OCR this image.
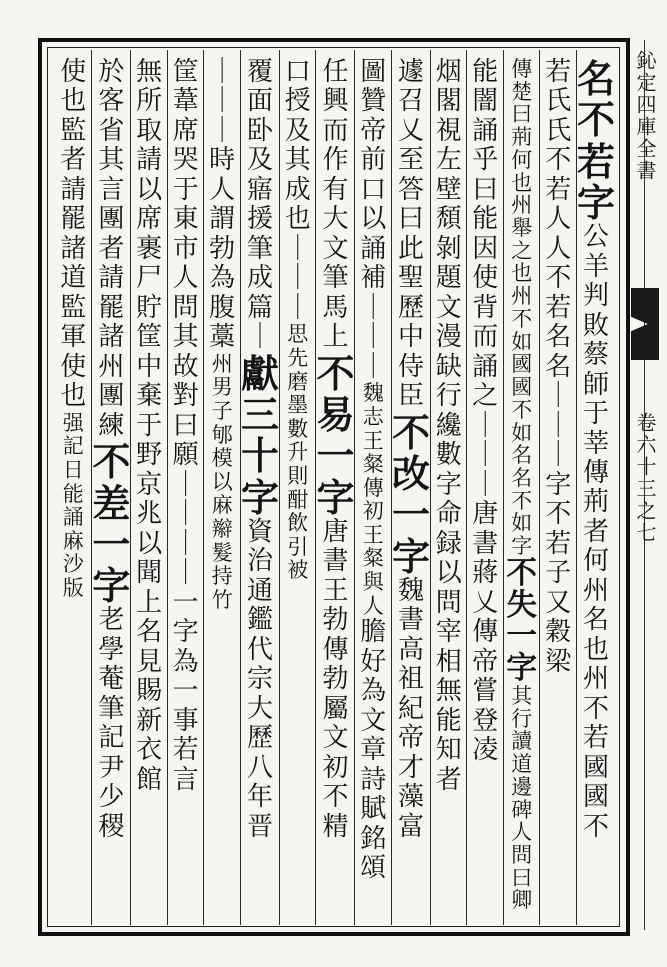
鈊定四庫全書
卷六十三之七
名
不
若
字
公
羊
判
敗
蔡
師
于
莘
傳
荊
者
何
州
名
也
州
不
若
國
國
不
若
氏
氏
不
若
人
人
不
若
名
名
｜
｜
｜
字
不
若
子
又
穀
梁
傳
楚
曰
荊
何
也
州
舉
之
也
州
不
如
國
國
不
如
名
名
不
如
字
不
失
一
字
其
行
讀
道
邊
碑
人
問
曰
卿
能
闇
誦
乎
曰
能
因
使
背
而
誦
之
｜
｜
｜
唐
書
蔣
乂
傳
帝
嘗
登
凌
烟
閣
視
左
壁
頹
剝
題
文
漫
缺
行
纔
數
字
命
録
以
問
宰
相
無
能
知
者
遽
召
乂
至
答
曰
此
聖
歷
中
侍
臣
不
改
一
字
魏
書
高
祖
紀
帝
才
藻
富
圖
贊
帝
前
口
以
誦
補
｜
｜
｜
魏
志
王
粲
傳
初
王
粲
與
人
膽
好
為
文
章
詩
賦
銘
頌
任
興
而
作
有
大
文
筆
馬
上
不
易
一
字
唐
書
王
勃
傳
勃
屬
文
初
不
精
口
授
及
其
成
也
｜
｜
｜
思
先
磨
墨
數
升
則
酣
飲
引
被
覆
面
卧
及
寤
援
筆
成
篇
｜
獻
三
十
字
資
治
通
鑑
代
宗
大
歷
八
年
晋
｜
｜
｜
時
人
謂
勃
為
腹
藁
州
男
子
郇
模
以
麻
辮
髮
持
竹
筐
葦
席
哭
于
東
市
人
問
其
故
對
曰
願
｜
｜
｜
｜
一
字
為
一
事
若
言
無
所
取
請
以
席
裹
尸
貯
筐
中
棄
于
野
京
兆
以
聞
上
名
見
賜
新
衣
館
於
客
省
其
言
團
者
請
罷
諸
州
團
練
不
差
一
字
老
學
菴
筆
記
尹
少
稷
使
也
監
者
請
罷
諸
道
監
軍
使
也
强
記
日
能
誦
麻
沙
版
